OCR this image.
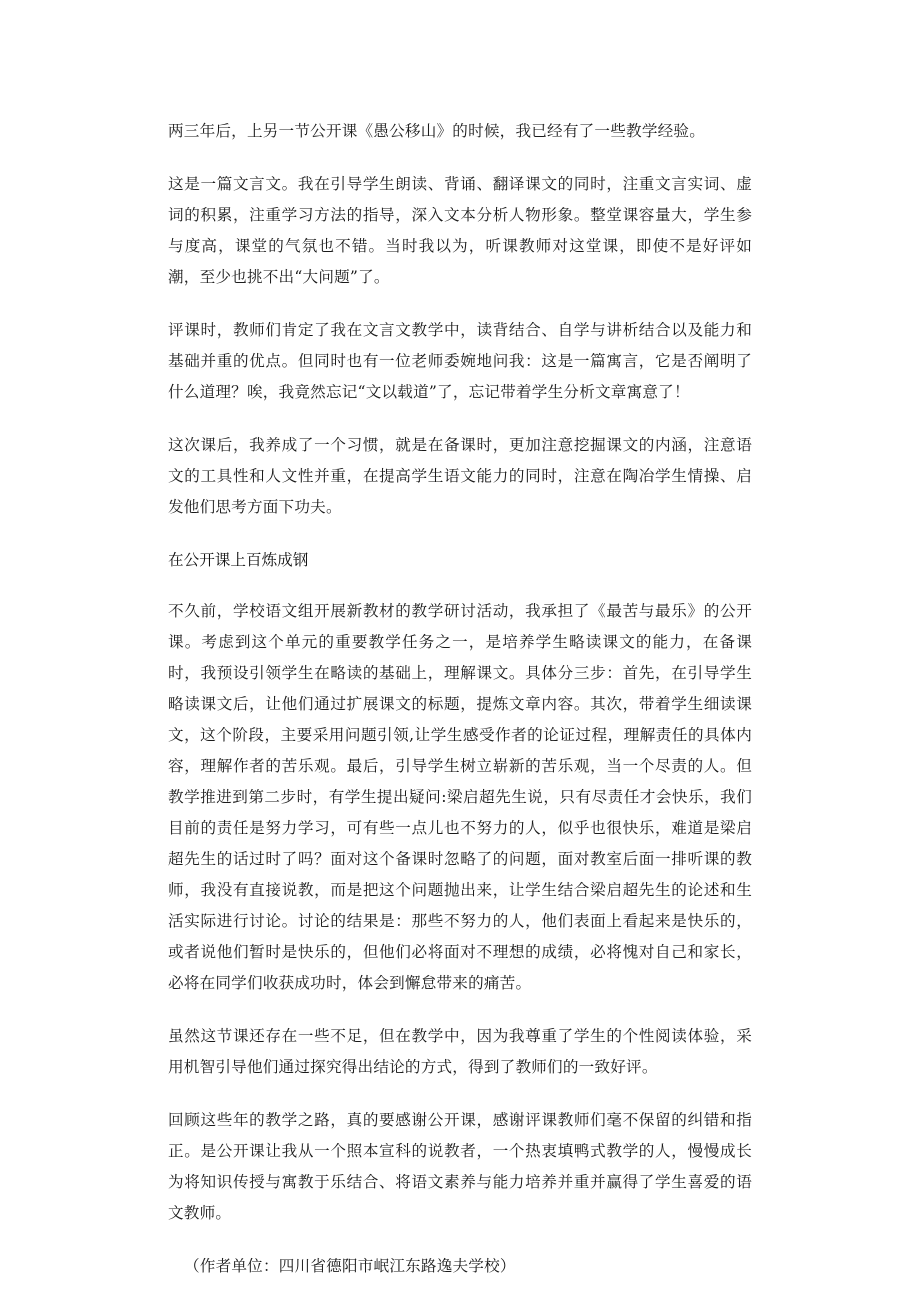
两三年后，上另一节公开课《愚公移山》的时候，我已经有了一些教学经验。

这是一篇文言文。我在引导学生朗读、背诵、翻译课文的同时，注重文言实词、虚词的积累，注重学习方法的指导，深入文本分析人物形象。整堂课容量大，学生参与度高，课堂的气氛也不错。当时我以为，听课教师对这堂课，即使不是好评如潮，至少也挑不出“大问题”了。

评课时，教师们肯定了我在文言文教学中，读背结合、自学与讲析结合以及能力和基础并重的优点。但同时也有一位老师委婉地问我：这是一篇寓言，它是否阐明了什么道理？唉，我竟然忘记“文以载道”了，忘记带着学生分析文章寓意了！

这次课后，我养成了一个习惯，就是在备课时，更加注意挖掘课文的内涵，注意语文的工具性和人文性并重，在提高学生语文能力的同时，注意在陶冶学生情操、启发他们思考方面下功夫。

在公开课上百炼成钢

不久前，学校语文组开展新教材的教学研讨活动，我承担了《最苦与最乐》的公开课。考虑到这个单元的重要教学任务之一，是培养学生略读课文的能力，在备课时，我预设引领学生在略读的基础上，理解课文。具体分三步：首先，在引导学生略读课文后，让他们通过扩展课文的标题，提炼文章内容。其次，带着学生细读课文，这个阶段，主要采用问题引领,让学生感受作者的论证过程，理解责任的具体内容，理解作者的苦乐观。最后，引导学生树立崭新的苦乐观，当一个尽责的人。但教学推进到第二步时，有学生提出疑问:梁启超先生说，只有尽责任才会快乐，我们目前的责任是努力学习，可有些一点儿也不努力的人，似乎也很快乐，难道是梁启超先生的话过时了吗？面对这个备课时忽略了的问题，面对教室后面一排听课的教师，我没有直接说教，而是把这个问题抛出来，让学生结合梁启超先生的论述和生活实际进行讨论。讨论的结果是：那些不努力的人，他们表面上看起来是快乐的，或者说他们暂时是快乐的，但他们必将面对不理想的成绩，必将愧对自己和家长，必将在同学们收获成功时，体会到懈怠带来的痛苦。

虽然这节课还存在一些不足，但在教学中，因为我尊重了学生的个性阅读体验，采用机智引导他们通过探究得出结论的方式，得到了教师们的一致好评。

回顾这些年的教学之路，真的要感谢公开课，感谢评课教师们毫不保留的纠错和指正。是公开课让我从一个照本宣科的说教者，一个热衷填鸭式教学的人，慢慢成长为将知识传授与寓教于乐结合、将语文素养与能力培养并重并赢得了学生喜爱的语文教师。

（作者单位：四川省德阳市岷江东路逸夫学校）
